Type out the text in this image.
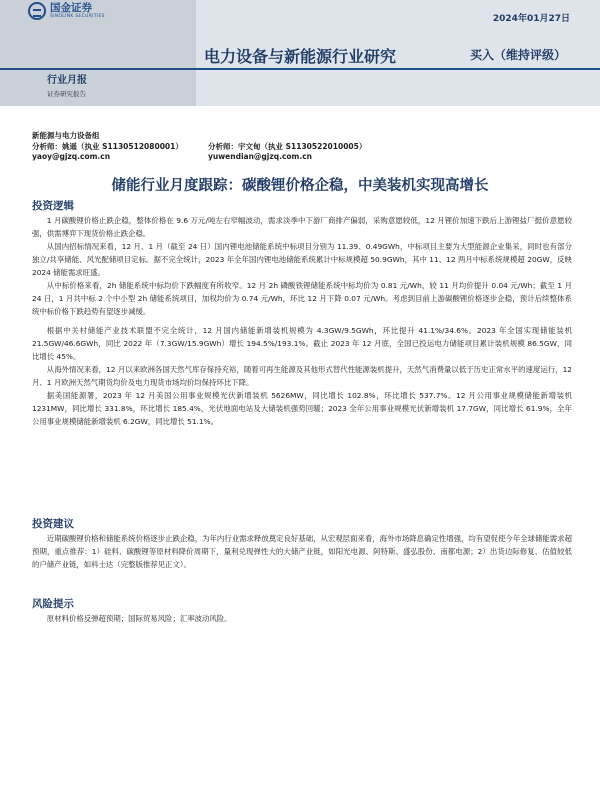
国金证券
SINOLINK SECURITIES	2024年01月27日
电力设备与新能源行业研究	买入（维持评级）
行业月报
证券研究报告
新能源与电力设备组
分析师：姚遥（执业 S1130512080001）	分析师：宇文甸（执业 S1130522010005）
yaoy@gjzq.com.cn	yuwendian@gjzq.com.cn
储能行业月度跟踪：碳酸锂价格企稳，中美装机实现高增长
投资逻辑

1 月碳酸锂价格止跌企稳，整体价格在 9.6 万元/吨左右窄幅波动，需求淡季中下游厂商排产偏弱，采购意愿较低，12 月锂价加速下跌后上游锂盐厂挺价意愿较强，供需博弈下现货价格止跌企稳。

从国内招标情况来看，12 月、1 月（截至 24 日）国内锂电池储能系统中标项目分别为 11.39、0.49GWh，中标项目主要为大型能源企业集采，同时也有部分独立/共享储能、风光配储项目定标。据不完全统计，2023 年全年国内锂电池储能系统累计中标规模超 50.9GWh，其中 11、12 两月中标系统规模超 20GW，反映 2024 储能需求旺盛。

从中标价格来看，2h 储能系统中标均价下跌幅度有所收窄。12 月 2h 磷酸铁锂储能系统中标均价为 0.81 元/Wh，较 11 月均价提升 0.04 元/Wh；截至 1 月 24 日，1 月共中标 2 个中小型 2h 储能系统项目，加权均价为 0.74 元/Wh，环比 12 月下降 0.07 元/Wh。考虑到目前上游碳酸锂价格逐步企稳，预计后续整体系统中标价格下跌趋势有望逐步减缓。

根据中关村储能产业技术联盟不完全统计，12 月国内储能新增装机规模为 4.3GW/9.5GWh，环比提升 41.1%/34.6%。2023 年全国实现储能装机 21.5GW/46.6GWh，同比 2022 年（7.3GW/15.9GWh）增长 194.5%/193.1%。截止 2023 年 12 月底，全国已投运电力储能项目累计装机规模 86.5GW，同比增长 45%。

从海外情况来看，12 月以来欧洲各国天然气库存保持充裕，随着可再生能源及其他形式替代性能源装机提升，天然气消费量以低于历史正常水平的速度运行，12 月、1 月欧洲天然气期货均价及电力现货市场均价均保持环比下降。

据美国能源署，2023 年 12 月美国公用事业规模光伏新增装机 5626MW，同比增长 102.8%，环比增长 537.7%。12 月公用事业规模储能新增装机 1231MW，同比增长 331.8%，环比增长 185.4%，光伏地面电站及大储装机强势回暖；2023 全年公用事业规模光伏新增装机 17.7GW，同比增长 61.9%，全年公用事业规模储能新增装机 6.2GW，同比增长 51.1%。

投资建议

近期碳酸锂价格和储能系统价格逐步止跌企稳，为年内行业需求释放奠定良好基础，从宏观层面来看，海外市场降息确定性增强，均有望促使今年全球储能需求超预期，重点推荐：1）硅料、碳酸锂等原材料降价周期下，量利兑现弹性大的大储产业链，如阳光电源、阿特斯、盛弘股份、南都电源；2）出货边际修复、估值较低的户储产业链，如科士达（完整版推荐见正文）。

风险提示

原材料价格反弹超预期；国际贸易风险；汇率波动风险。
